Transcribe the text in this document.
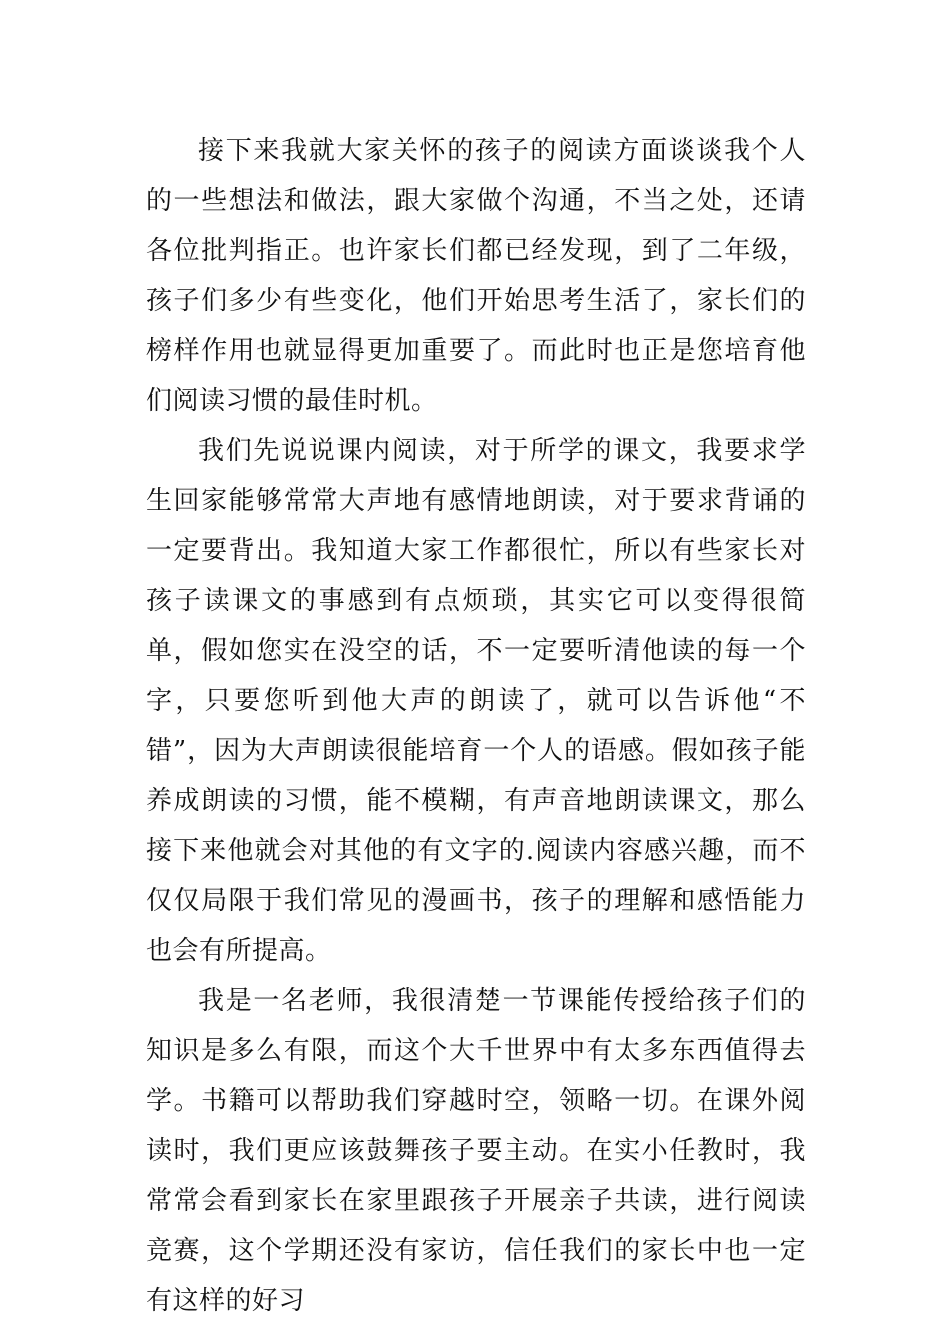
接下来我就大家关怀的孩子的阅读方面谈谈我个人的一些想法和做法，跟大家做个沟通，不当之处，还请各位批判指正。也许家长们都已经发现，到了二年级，孩子们多少有些变化，他们开始思考生活了，家长们的榜样作用也就显得更加重要了。而此时也正是您培育他们阅读习惯的最佳时机。

我们先说说课内阅读，对于所学的课文，我要求学生回家能够常常大声地有感情地朗读，对于要求背诵的一定要背出。我知道大家工作都很忙，所以有些家长对孩子读课文的事感到有点烦琐，其实它可以变得很简单，假如您实在没空的话，不一定要听清他读的每一个字，只要您听到他大声的朗读了，就可以告诉他“不错”，因为大声朗读很能培育一个人的语感。假如孩子能养成朗读的习惯，能不模糊，有声音地朗读课文，那么接下来他就会对其他的有文字的.阅读内容感兴趣，而不仅仅局限于我们常见的漫画书，孩子的理解和感悟能力也会有所提高。

我是一名老师，我很清楚一节课能传授给孩子们的知识是多么有限，而这个大千世界中有太多东西值得去学。书籍可以帮助我们穿越时空，领略一切。在课外阅读时，我们更应该鼓舞孩子要主动。在实小任教时，我常常会看到家长在家里跟孩子开展亲子共读，进行阅读竞赛，这个学期还没有家访，信任我们的家长中也一定有这样的好习
